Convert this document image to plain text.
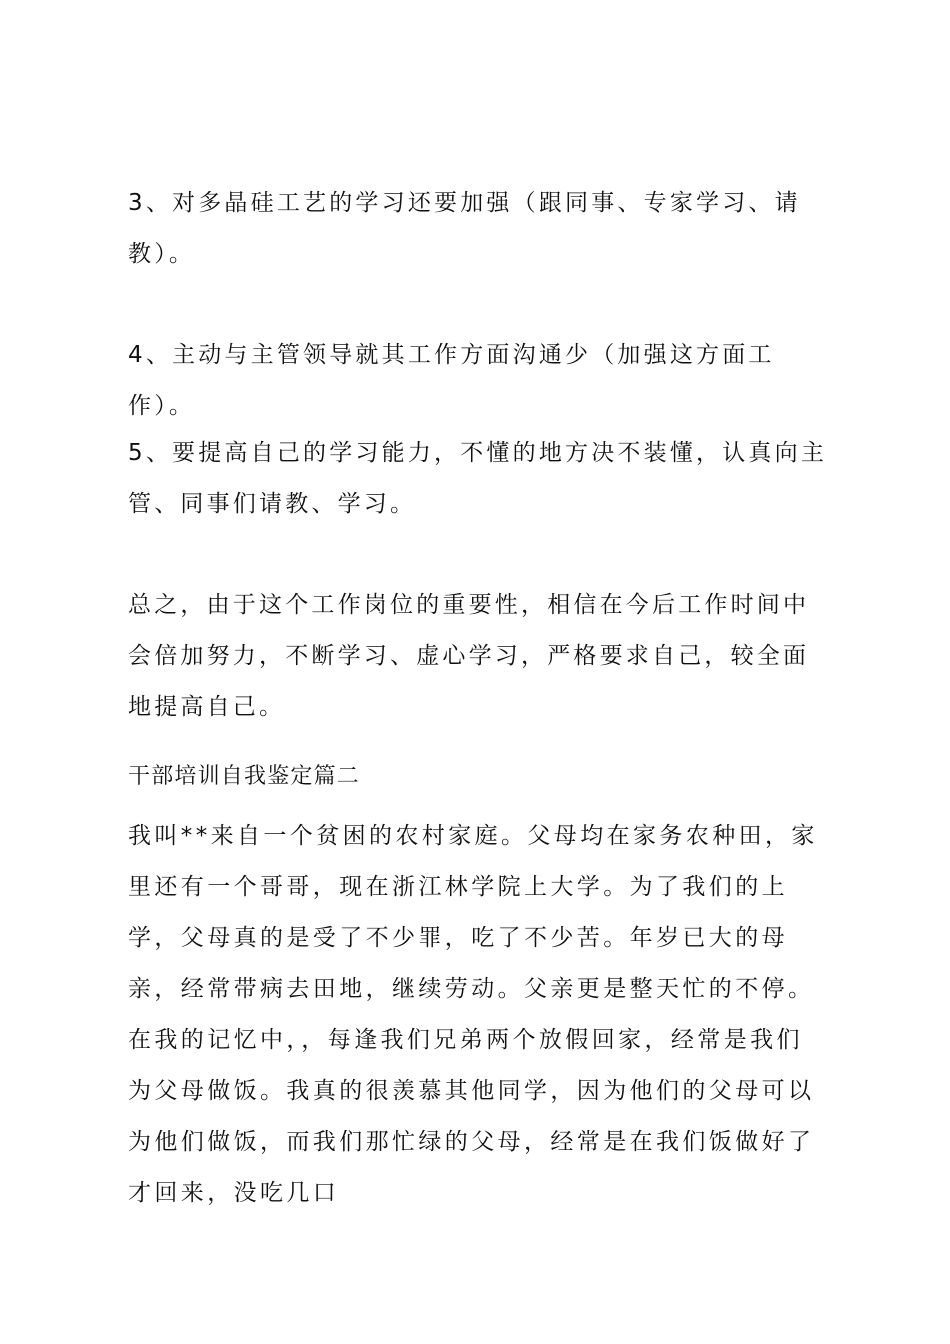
3、对多晶硅工艺的学习还要加强（跟同事、专家学习、请教）。

4、主动与主管领导就其工作方面沟通少（加强这方面工作）。

5、要提高自己的学习能力，不懂的地方决不装懂，认真向主管、同事们请教、学习。

总之，由于这个工作岗位的重要性，相信在今后工作时间中会倍加努力，不断学习、虚心学习，严格要求自己，较全面地提高自己。

干部培训自我鉴定篇二

我叫**来自一个贫困的农村家庭。父母均在家务农种田，家里还有一个哥哥，现在浙江林学院上大学。为了我们的上学，父母真的是受了不少罪，吃了不少苦。年岁已大的母亲，经常带病去田地，继续劳动。父亲更是整天忙的不停。在我的记忆中，，每逢我们兄弟两个放假回家，经常是我们为父母做饭。我真的很羡慕其他同学，因为他们的父母可以为他们做饭，而我们那忙绿的父母，经常是在我们饭做好了才回来，没吃几口
